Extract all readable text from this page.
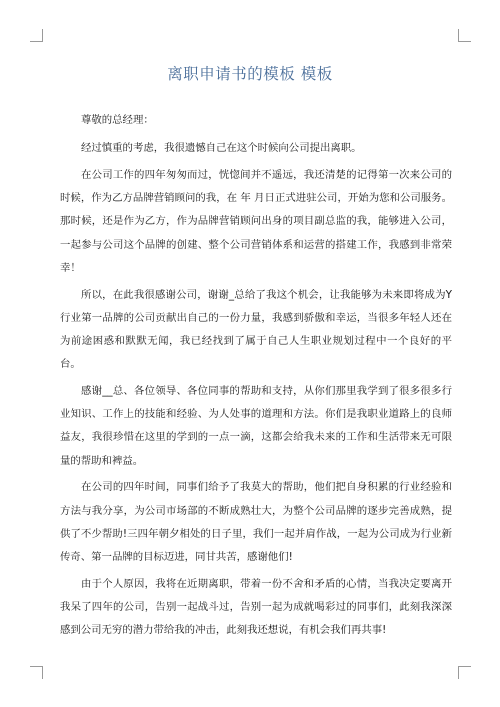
离职申请书的模板 模板

尊敬的总经理：

经过慎重的考虑，我很遗憾自己在这个时候向公司提出离职。

在公司工作的四年匆匆而过，恍惚间并不遥远，我还清楚的记得第一次来公司的时候，作为乙方品牌营销顾问的我，在 年 月日正式进驻公司，开始为您和公司服务。那时候，还是作为乙方，作为品牌营销顾问出身的项目副总监的我，能够进入公司，一起参与公司这个品牌的创建、整个公司营销体系和运营的搭建工作，我感到非常荣幸！

所以，在此我很感谢公司，谢谢_总给了我这个机会，让我能够为未来即将成为Y行业第一品牌的公司贡献出自己的一份力量，我感到骄傲和幸运，当很多年轻人还在为前途困惑和默默无闻，我已经找到了属于自己人生职业规划过程中一个良好的平台。

感谢__总、各位领导、各位同事的帮助和支持，从你们那里我学到了很多很多行业知识、工作上的技能和经验、为人处事的道理和方法。你们是我职业道路上的良师益友，我很珍惜在这里的学到的一点一滴，这都会给我未来的工作和生活带来无可限量的帮助和裨益。

在公司的四年时间，同事们给予了我莫大的帮助，他们把自身积累的行业经验和方法与我分享，为公司市场部的不断成熟壮大，为整个公司品牌的逐步完善成熟，提供了不少帮助!三四年朝夕相处的日子里，我们一起并肩作战，一起为公司成为行业新传奇、第一品牌的目标迈进，同甘共苦，感谢他们!

由于个人原因，我将在近期离职，带着一份不舍和矛盾的心情，当我决定要离开我呆了四年的公司，告别一起战斗过，告别一起为成就喝彩过的同事们，此刻我深深感到公司无穷的潜力带给我的冲击，此刻我还想说，有机会我们再共事!
